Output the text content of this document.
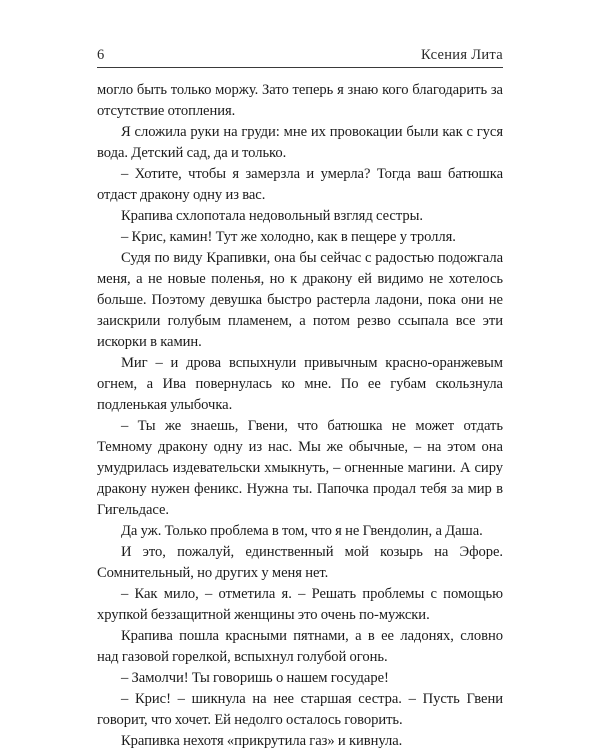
6	Ксения Лита

могло быть только моржу. Зато теперь я знаю кого благодарить за отсутствие отопления.

Я сложила руки на груди: мне их провокации были как с гуся вода. Детский сад, да и только.

– Хотите, чтобы я замерзла и умерла? Тогда ваш батюшка отдаст дракону одну из вас.

Крапива схлопотала недовольный взгляд сестры.

– Крис, камин! Тут же холодно, как в пещере у тролля.

Судя по виду Крапивки, она бы сейчас с радостью подожгала меня, а не новые поленья, но к дракону ей видимо не хотелось больше. Поэтому девушка быстро растерла ладони, пока они не заискрили голубым пламенем, а потом резво ссыпала все эти искорки в камин.

Миг – и дрова вспыхнули привычным красно-оранжевым огнем, а Ива повернулась ко мне. По ее губам скользнула подленькая улыбочка.

– Ты же знаешь, Гвени, что батюшка не может отдать Темному дракону одну из нас. Мы же обычные, – на этом она умудрилась издевательски хмыкнуть, – огненные магини. А сиру дракону нужен феникс. Нужна ты. Папочка продал тебя за мир в Гигельдасе.

Да уж. Только проблема в том, что я не Гвендолин, а Даша.

И это, пожалуй, единственный мой козырь на Эфоре. Сомнительный, но других у меня нет.

– Как мило, – отметила я. – Решать проблемы с помощью хрупкой беззащитной женщины это очень по-мужски.

Крапива пошла красными пятнами, а в ее ладонях, словно над газовой горелкой, вспыхнул голубой огонь.

– Замолчи! Ты говоришь о нашем государе!

– Крис! – шикнула на нее старшая сестра. – Пусть Гвени говорит, что хочет. Ей недолго осталось говорить.

Крапивка нехотя «прикрутила газ» и кивнула.
